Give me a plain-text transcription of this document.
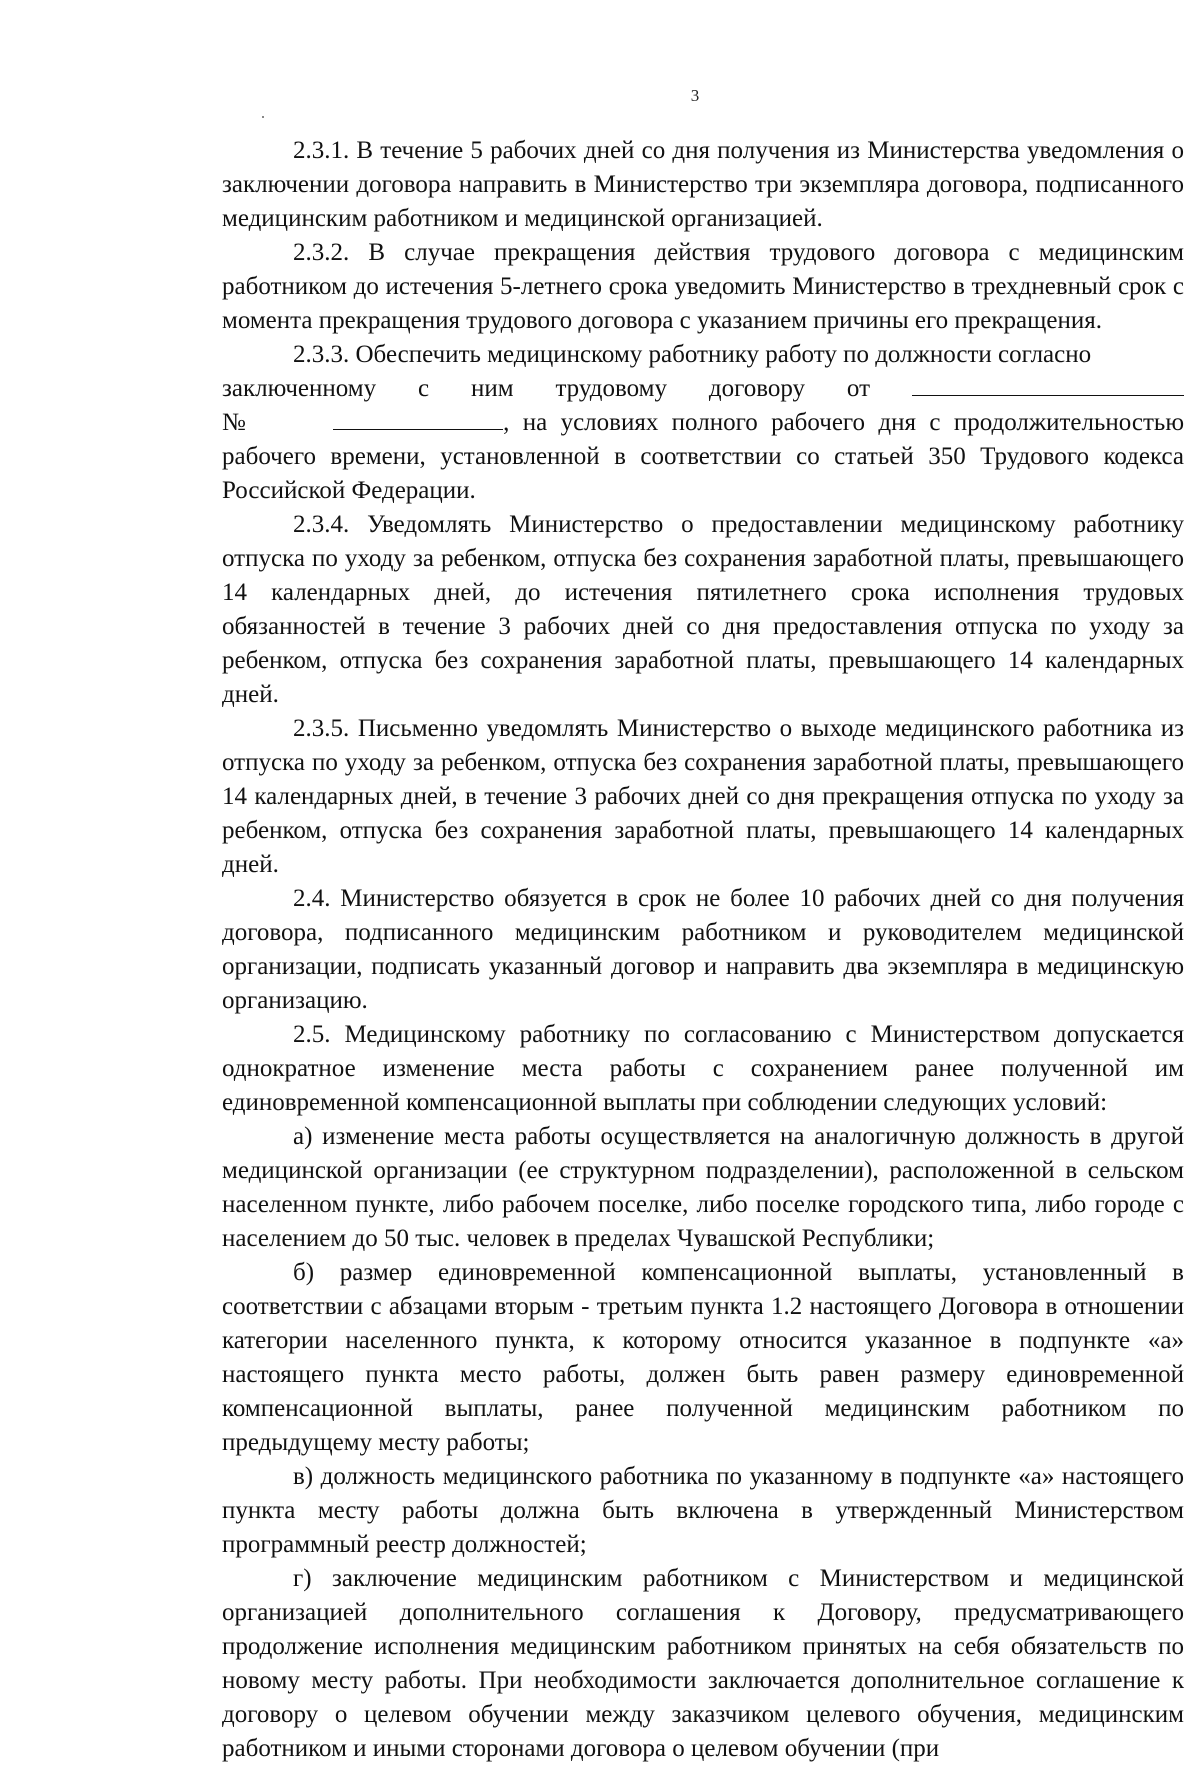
3

2.3.1. В течение 5 рабочих дней со дня получения из Министерства уведомления о заключении договора направить в Министерство три экземпляра договора, подписанного медицинским работником и медицинской организацией.

2.3.2. В случае прекращения действия трудового договора с медицинским работником до истечения 5-летнего срока уведомить Министерство в трехдневный срок с момента прекращения трудового договора с указанием причины его прекращения.

2.3.3. Обеспечить медицинскому работнику работу по должности согласно

заключенному с ним трудовому договору от

№	, на условиях полного рабочего дня с продолжительностью рабочего времени, установленной в соответствии со статьей 350 Трудового кодекса Российской Федерации.

2.3.4. Уведомлять Министерство о предоставлении медицинскому работнику отпуска по уходу за ребенком, отпуска без сохранения заработной платы, превышающего 14 календарных дней, до истечения пятилетнего срока исполнения трудовых обязанностей в течение 3 рабочих дней со дня предоставления отпуска по уходу за ребенком, отпуска без сохранения заработной платы, превышающего 14 календарных дней.

2.3.5. Письменно уведомлять Министерство о выходе медицинского работника из отпуска по уходу за ребенком, отпуска без сохранения заработной платы, превышающего 14 календарных дней, в течение 3 рабочих дней со дня прекращения отпуска по уходу за ребенком, отпуска без сохранения заработной платы, превышающего 14 календарных дней.

2.4. Министерство обязуется в срок не более 10 рабочих дней со дня получения договора, подписанного медицинским работником и руководителем медицинской организации, подписать указанный договор и направить два экземпляра в медицинскую организацию.

2.5. Медицинскому работнику по согласованию с Министерством допускается однократное изменение места работы с сохранением ранее полученной им единовременной компенсационной выплаты при соблюдении следующих условий:

а) изменение места работы осуществляется на аналогичную должность в другой медицинской организации (ее структурном подразделении), расположенной в сельском населенном пункте, либо рабочем поселке, либо поселке городского типа, либо городе с населением до 50 тыс. человек в пределах Чувашской Республики;

б) размер единовременной компенсационной выплаты, установленный в соответствии с абзацами вторым - третьим пункта 1.2 настоящего Договора в отношении категории населенного пункта, к которому относится указанное в подпункте «а» настоящего пункта место работы, должен быть равен размеру единовременной компенсационной выплаты, ранее полученной медицинским работником по предыдущему месту работы;

в) должность медицинского работника по указанному в подпункте «а» настоящего пункта месту работы должна быть включена в утвержденный Министерством программный реестр должностей;

г) заключение медицинским работником с Министерством и медицинской организацией дополнительного соглашения к Договору, предусматривающего продолжение исполнения медицинским работником принятых на себя обязательств по новому месту работы. При необходимости заключается дополнительное соглашение к договору о целевом обучении между заказчиком целевого обучения, медицинским работником и иными сторонами договора о целевом обучении (при
